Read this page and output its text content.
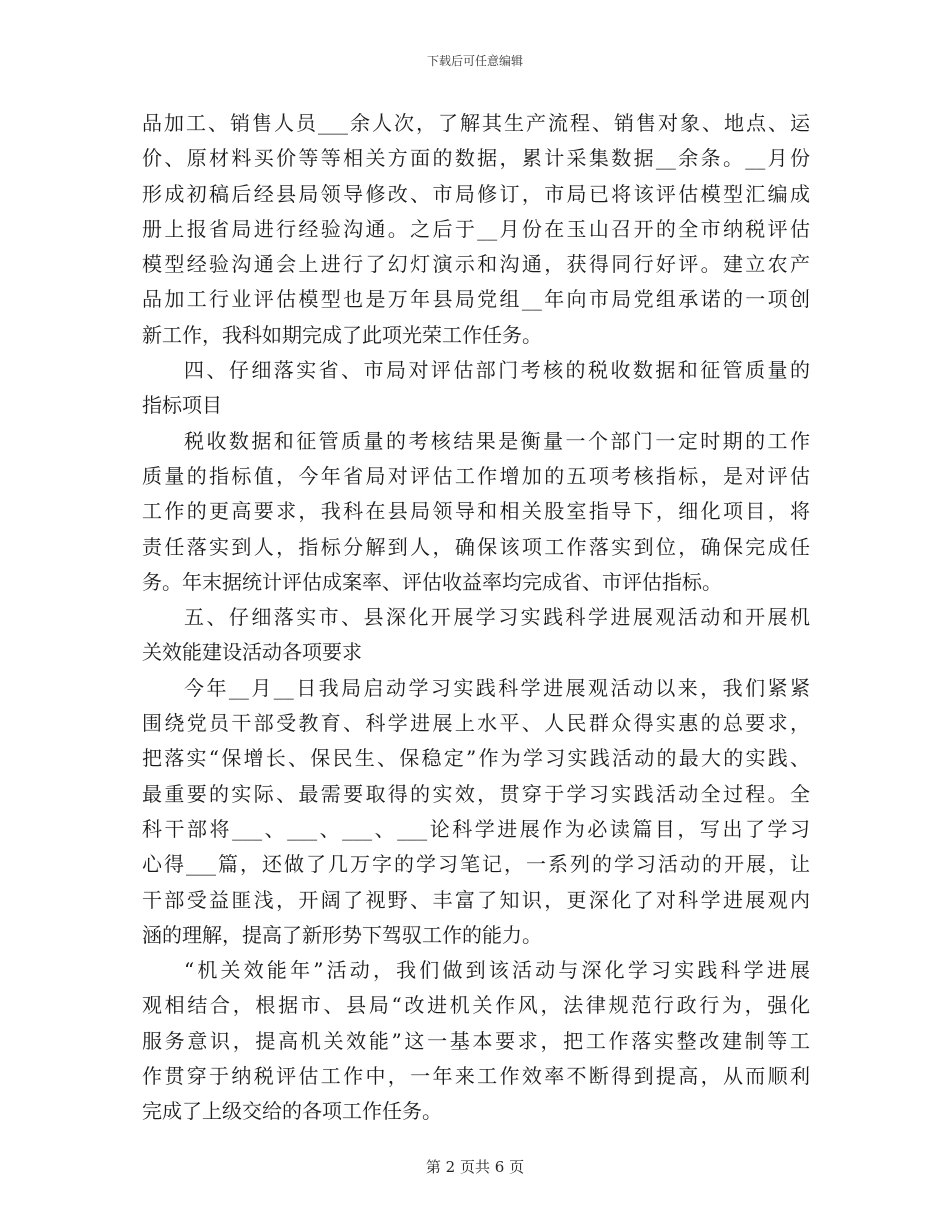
下载后可任意编辑
品加工、销售人员___余人次，了解其生产流程、销售对象、地点、运
价、原材料买价等等相关方面的数据，累计采集数据__余条。__月份
形成初稿后经县局领导修改、市局修订，市局已将该评估模型汇编成
册上报省局进行经验沟通。之后于__月份在玉山召开的全市纳税评估
模型经验沟通会上进行了幻灯演示和沟通，获得同行好评。建立农产
品加工行业评估模型也是万年县局党组__年向市局党组承诺的一项创
新工作，我科如期完成了此项光荣工作任务。
四、仔细落实省、市局对评估部门考核的税收数据和征管质量的
指标项目
税收数据和征管质量的考核结果是衡量一个部门一定时期的工作
质量的指标值，今年省局对评估工作增加的五项考核指标，是对评估
工作的更高要求，我科在县局领导和相关股室指导下，细化项目，将
责任落实到人，指标分解到人，确保该项工作落实到位，确保完成任
务。年末据统计评估成案率、评估收益率均完成省、市评估指标。
五、仔细落实市、县深化开展学习实践科学进展观活动和开展机
关效能建设活动各项要求
今年__月__日我局启动学习实践科学进展观活动以来，我们紧紧
围绕党员干部受教育、科学进展上水平、人民群众得实惠的总要求，
把落实“保增长、保民生、保稳定”作为学习实践活动的最大的实践、
最重要的实际、最需要取得的实效，贯穿于学习实践活动全过程。全
科干部将___、___、___、___论科学进展作为必读篇目，写出了学习
心得___篇，还做了几万字的学习笔记，一系列的学习活动的开展，让
干部受益匪浅，开阔了视野、丰富了知识，更深化了对科学进展观内
涵的理解，提高了新形势下驾驭工作的能力。
“机关效能年”活动，我们做到该活动与深化学习实践科学进展
观相结合，根据市、县局“改进机关作风，法律规范行政行为，强化
服务意识，提高机关效能”这一基本要求，把工作落实整改建制等工
作贯穿于纳税评估工作中，一年来工作效率不断得到提高，从而顺利
完成了上级交给的各项工作任务。
第 2 页共 6 页
